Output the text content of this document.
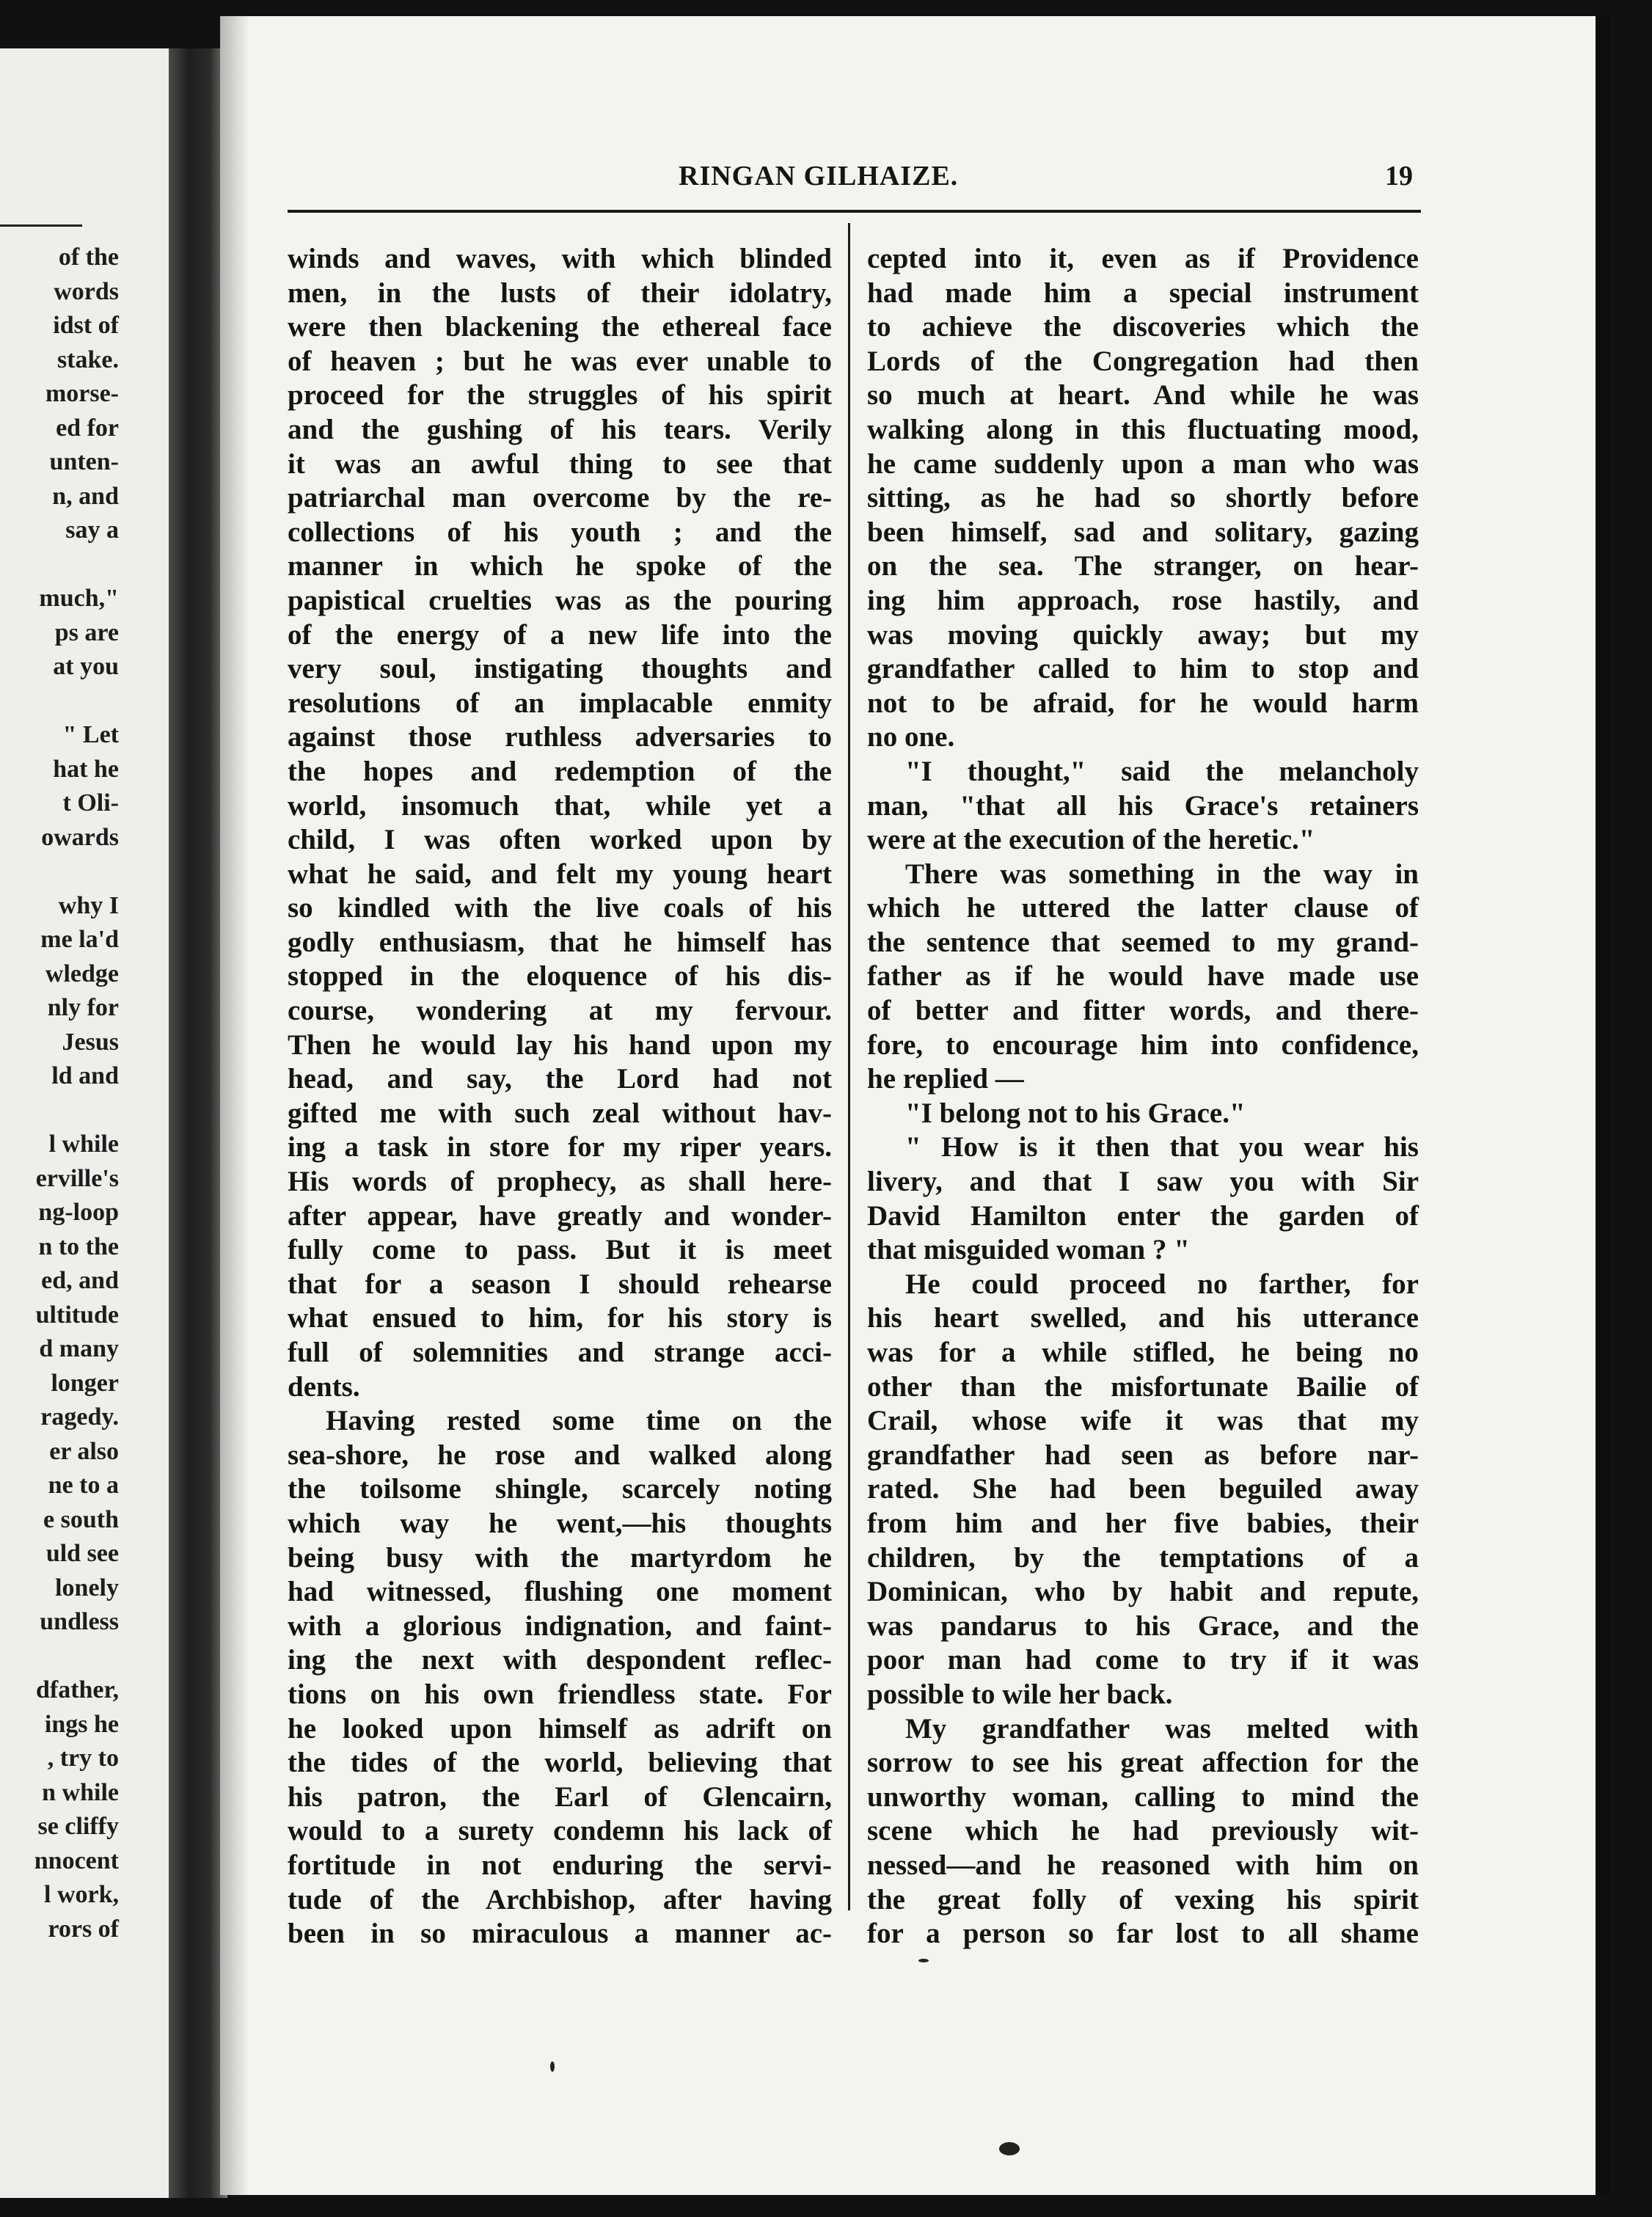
of the
words
idst of
stake.
morse-
ed for
unten-
n, and
say a

much,"
ps are
at you

" Let
hat he
t Oli-
owards

why I
me la'd
wledge
nly for
Jesus
ld and

l while
erville's
ng-loop
n to the
ed, and
ultitude
d many
longer
ragedy.
er also
ne to a
e south
uld see
lonely
undless

dfather,
ings he
, try to
n while
se cliffy
nnocent
l work,
rors of
RINGAN GILHAIZE.	19
winds and waves, with which blinded
men, in the lusts of their idolatry,
were then blackening the ethereal face
of heaven ; but he was ever unable to
proceed for the struggles of his spirit
and the gushing of his tears. Verily
it was an awful thing to see that
patriarchal man overcome by the re-
collections of his youth ; and the
manner in which he spoke of the
papistical cruelties was as the pouring
of the energy of a new life into the
very soul, instigating thoughts and
resolutions of an implacable enmity
against those ruthless adversaries to
the hopes and redemption of the
world, insomuch that, while yet a
child, I was often worked upon by
what he said, and felt my young heart
so kindled with the live coals of his
godly enthusiasm, that he himself has
stopped in the eloquence of his dis-
course, wondering at my fervour.
Then he would lay his hand upon my
head, and say, the Lord had not
gifted me with such zeal without hav-
ing a task in store for my riper years.
His words of prophecy, as shall here-
after appear, have greatly and wonder-
fully come to pass. But it is meet
that for a season I should rehearse
what ensued to him, for his story is
full of solemnities and strange acci-
dents.
Having rested some time on the
sea-shore, he rose and walked along
the toilsome shingle, scarcely noting
which way he went,—his thoughts
being busy with the martyrdom he
had witnessed, flushing one moment
with a glorious indignation, and faint-
ing the next with despondent reflec-
tions on his own friendless state. For
he looked upon himself as adrift on
the tides of the world, believing that
his patron, the Earl of Glencairn,
would to a surety condemn his lack of
fortitude in not enduring the servi-
tude of the Archbishop, after having
been in so miraculous a manner ac-
cepted into it, even as if Providence
had made him a special instrument
to achieve the discoveries which the
Lords of the Congregation had then
so much at heart. And while he was
walking along in this fluctuating mood,
he came suddenly upon a man who was
sitting, as he had so shortly before
been himself, sad and solitary, gazing
on the sea. The stranger, on hear-
ing him approach, rose hastily, and
was moving quickly away; but my
grandfather called to him to stop and
not to be afraid, for he would harm
no one.
"I thought," said the melancholy
man, "that all his Grace's retainers
were at the execution of the heretic."
There was something in the way in
which he uttered the latter clause of
the sentence that seemed to my grand-
father as if he would have made use
of better and fitter words, and there-
fore, to encourage him into confidence,
he replied —
"I belong not to his Grace."
" How is it then that you wear his
livery, and that I saw you with Sir
David Hamilton enter the garden of
that misguided woman ? "
He could proceed no farther, for
his heart swelled, and his utterance
was for a while stifled, he being no
other than the misfortunate Bailie of
Crail, whose wife it was that my
grandfather had seen as before nar-
rated. She had been beguiled away
from him and her five babies, their
children, by the temptations of a
Dominican, who by habit and repute,
was pandarus to his Grace, and the
poor man had come to try if it was
possible to wile her back.
My grandfather was melted with
sorrow to see his great affection for the
unworthy woman, calling to mind the
scene which he had previously wit-
nessed—and he reasoned with him on
the great folly of vexing his spirit
for a person so far lost to all shame
